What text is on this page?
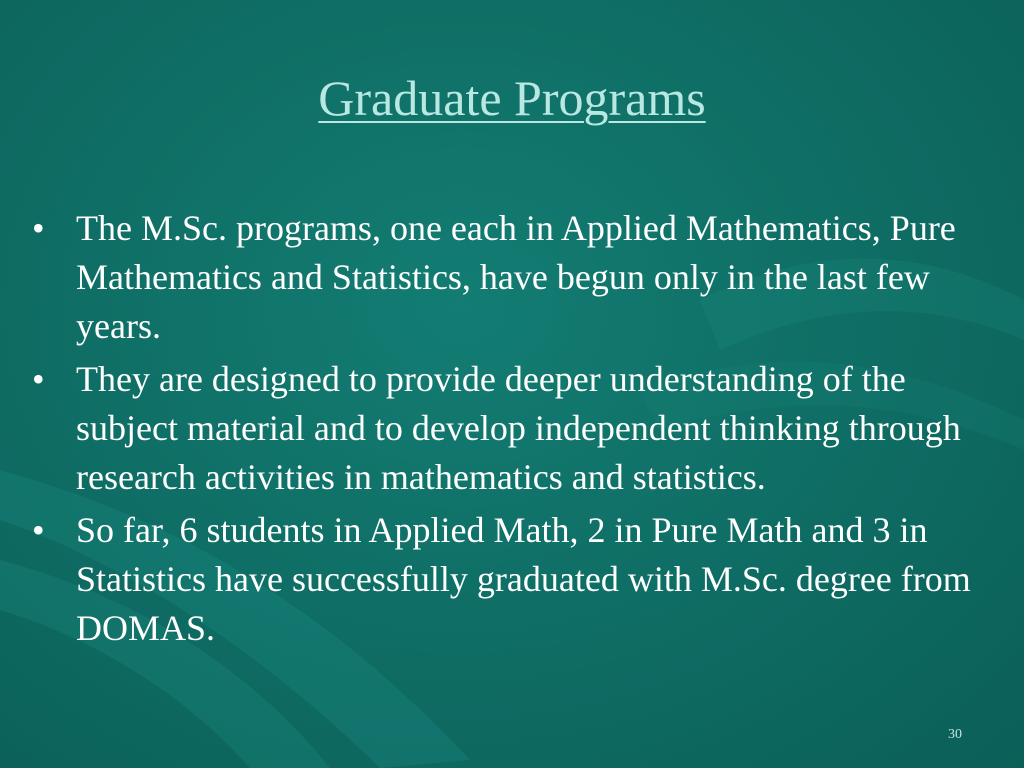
Graduate Programs
• The M.Sc. programs, one each in Applied Mathematics, Pure Mathematics and Statistics, have begun only in the last few years.
• They are designed to provide deeper understanding of the subject material and to develop independent thinking through research activities in mathematics and statistics.
• So far, 6 students in Applied Math, 2 in Pure Math and 3 in Statistics have successfully graduated with M.Sc. degree from DOMAS.
30
